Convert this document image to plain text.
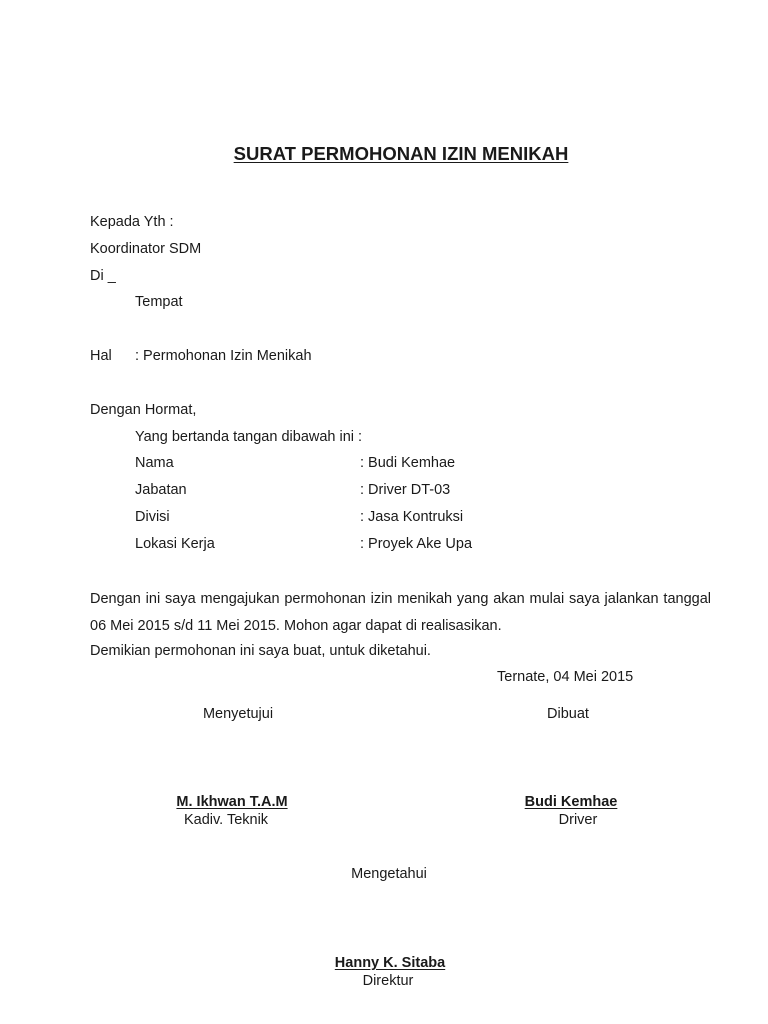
SURAT PERMOHONAN IZIN MENIKAH
Kepada Yth :
Koordinator SDM
Di _
Tempat
Hal : Permohonan Izin Menikah
Dengan Hormat,
Yang bertanda tangan dibawah ini :
Nama	: Budi Kemhae
Jabatan	: Driver DT-03
Divisi	: Jasa Kontruksi
Lokasi Kerja	: Proyek Ake Upa
Dengan ini saya mengajukan permohonan izin menikah yang akan mulai saya jalankan tanggal 06 Mei 2015 s/d 11 Mei 2015. Mohon agar dapat di realisasikan.
Demikian permohonan ini saya buat, untuk diketahui.
Ternate, 04 Mei 2015
Menyetujui	Dibuat
M. Ikhwan T.A.M
Kadiv. Teknik
Budi Kemhae
Driver
Mengetahui
Hanny K. Sitaba
Direktur
